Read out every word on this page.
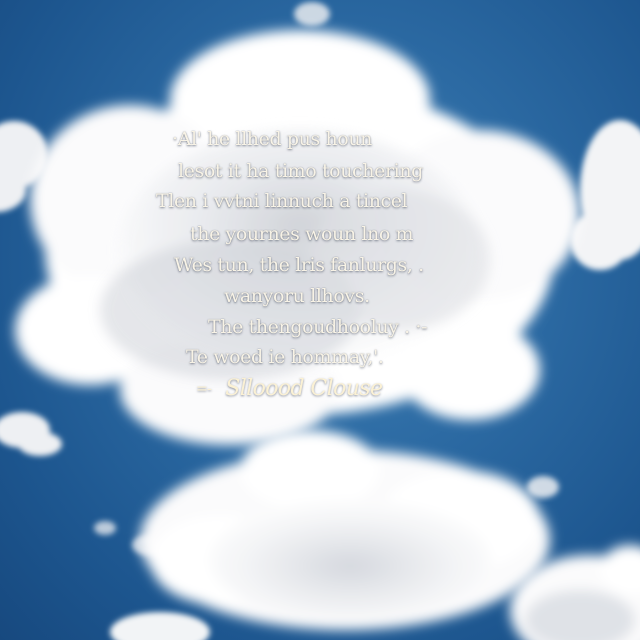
·Al' he llhed pus houn
lesot it ha timo touchering
Tlen i vvtni linnuch a tincel
the yournes woun lno m
Wes tun, the lris fanlurgs, .
wanyoru llhovs.
The thengoudhooluy . ·-
Te woed ie hommay,'.
=- Slloood Clouse
